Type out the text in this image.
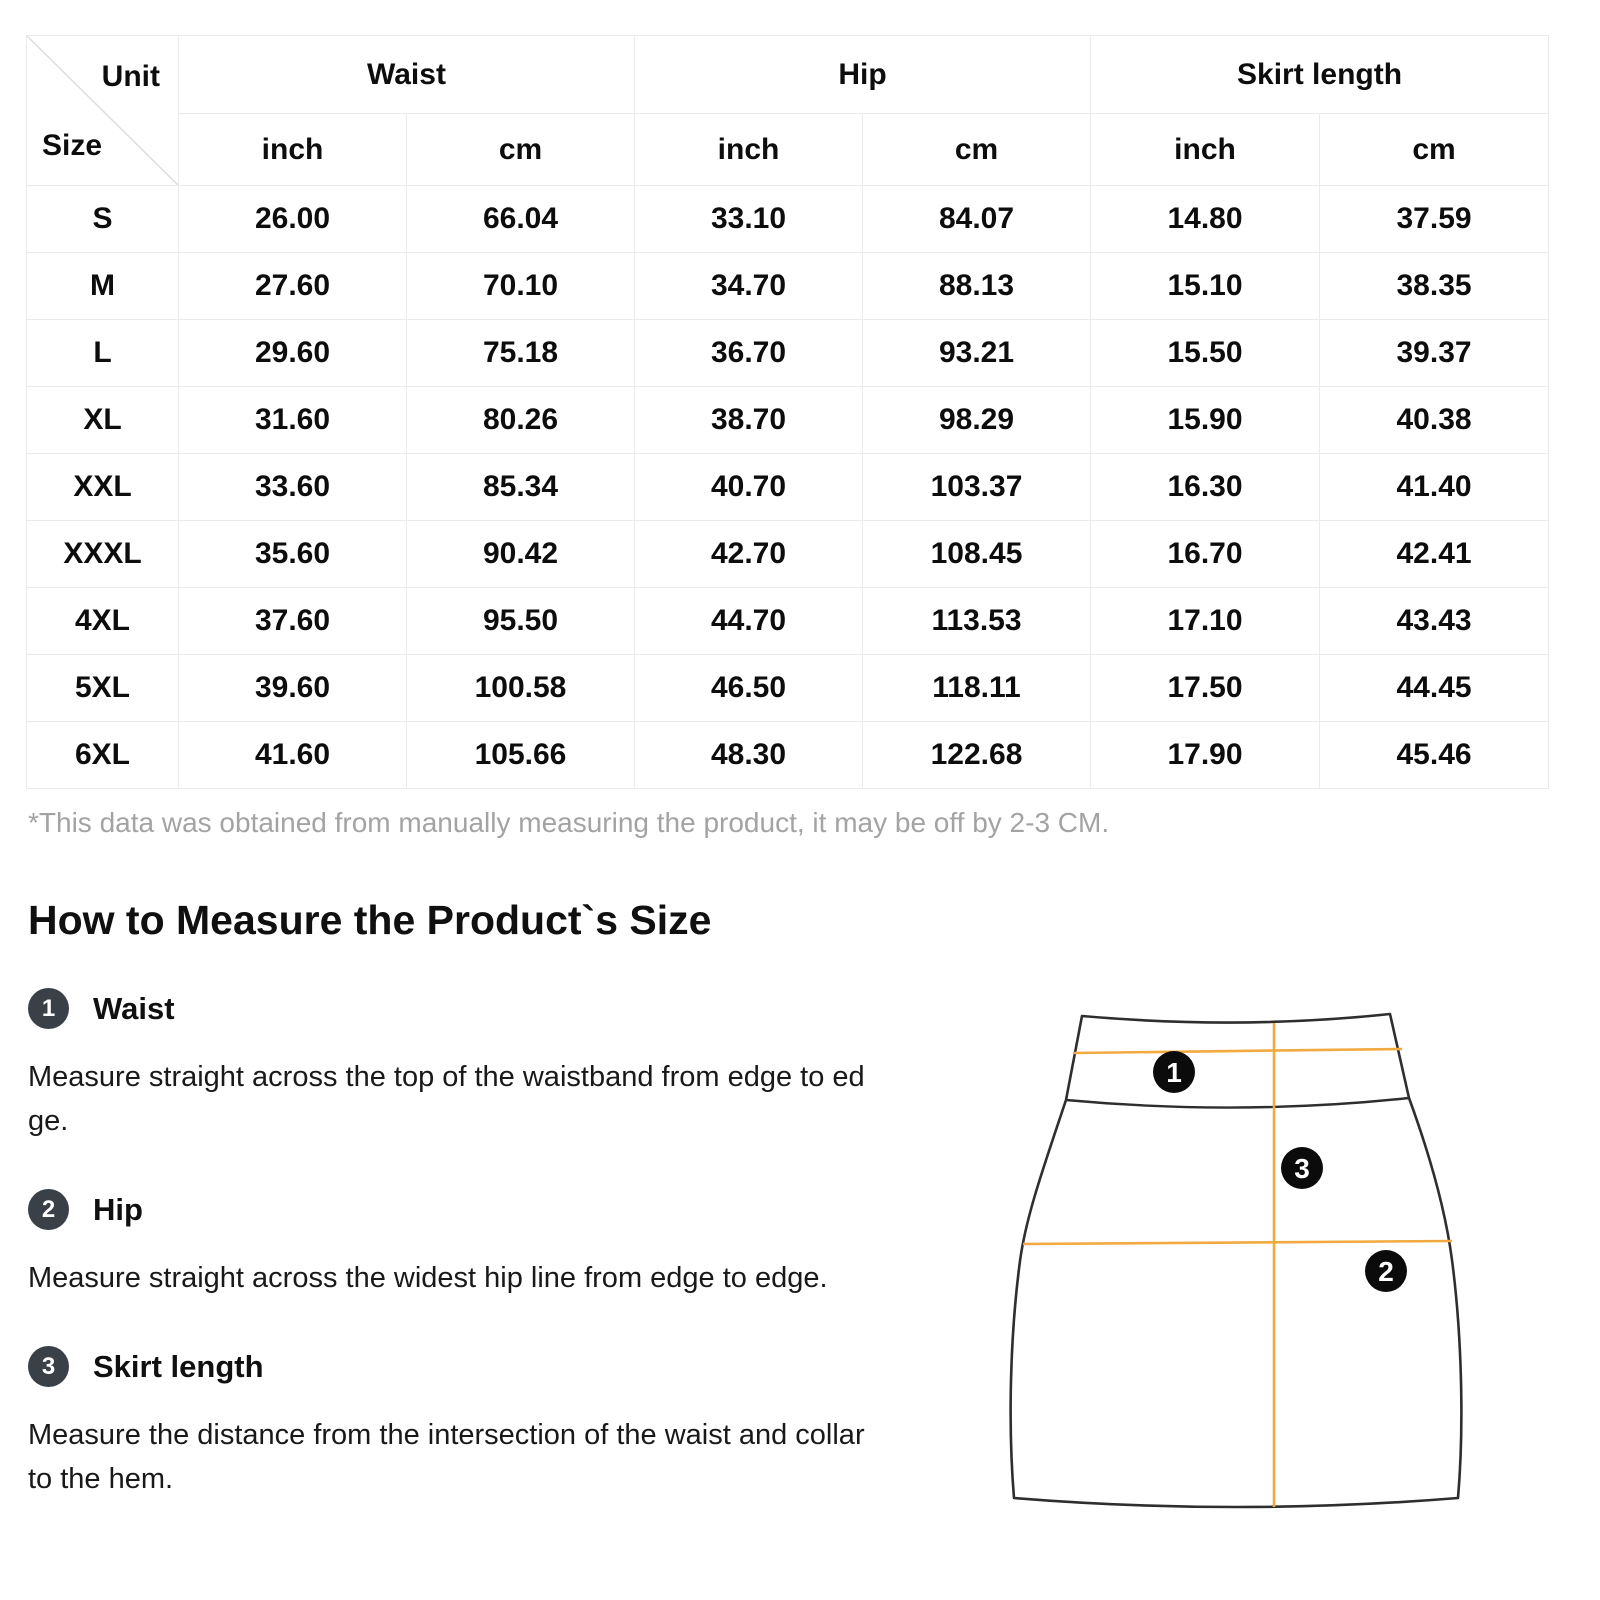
Unit
Size	Waist		Hip		Skirt length	
	inch	cm	inch	cm	inch	cm
S	26.00	66.04	33.10	84.07	14.80	37.59
M	27.60	70.10	34.70	88.13	15.10	38.35
L	29.60	75.18	36.70	93.21	15.50	39.37
XL	31.60	80.26	38.70	98.29	15.90	40.38
XXL	33.60	85.34	40.70	103.37	16.30	41.40
XXXL	35.60	90.42	42.70	108.45	16.70	42.41
4XL	37.60	95.50	44.70	113.53	17.10	43.43
5XL	39.60	100.58	46.50	118.11	17.50	44.45
6XL	41.60	105.66	48.30	122.68	17.90	45.46
*This data was obtained from manually measuring the product, it may be off by 2-3 CM.
How to Measure the Product`s Size
1	Waist
Measure straight across the top of the waistband from edge to edge.
2	Hip
Measure straight across the widest hip line from edge to edge.
3	Skirt length
Measure the distance from the intersection of the waist and collar to the hem.
1
3
2
